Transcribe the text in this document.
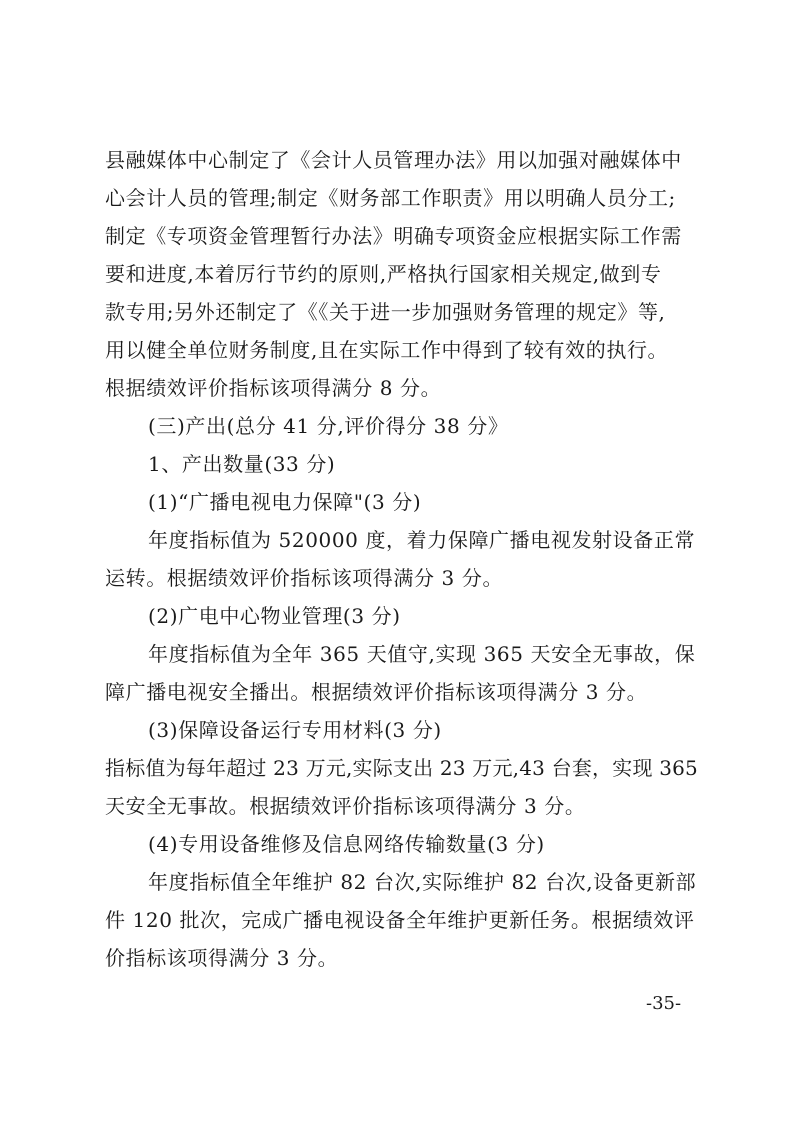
县融媒体中心制定了《会计人员管理办法》用以加强对融媒体中
心会计人员的管理;制定《财务部工作职责》用以明确人员分工;
制定《专项资金管理暂行办法》明确专项资金应根据实际工作需
要和进度,本着厉行节约的原则,严格执行国家相关规定,做到专
款专用;另外还制定了《《关于进一步加强财务管理的规定》等,
用以健全单位财务制度,且在实际工作中得到了较有效的执行。
根据绩效评价指标该项得满分 8 分。
(三)产出(总分 41 分,评价得分 38 分》
1、产出数量(33 分)
(1)“广播电视电力保障"(3 分)
年度指标值为 520000 度，着力保障广播电视发射设备正常
运转。根据绩效评价指标该项得满分 3 分。
(2)广电中心物业管理(3 分)
年度指标值为全年 365 天值守,实现 365 天安全无事故，保
障广播电视安全播出。根据绩效评价指标该项得满分 3 分。
(3)保障设备运行专用材料(3 分)
指标值为每年超过 23 万元,实际支出 23 万元,43 台套，实现 365
天安全无事故。根据绩效评价指标该项得满分 3 分。
(4)专用设备维修及信息网络传输数量(3 分)
年度指标值全年维护 82 台次,实际维护 82 台次,设备更新部
件 120 批次，完成广播电视设备全年维护更新任务。根据绩效评
价指标该项得满分 3 分。
-35-
